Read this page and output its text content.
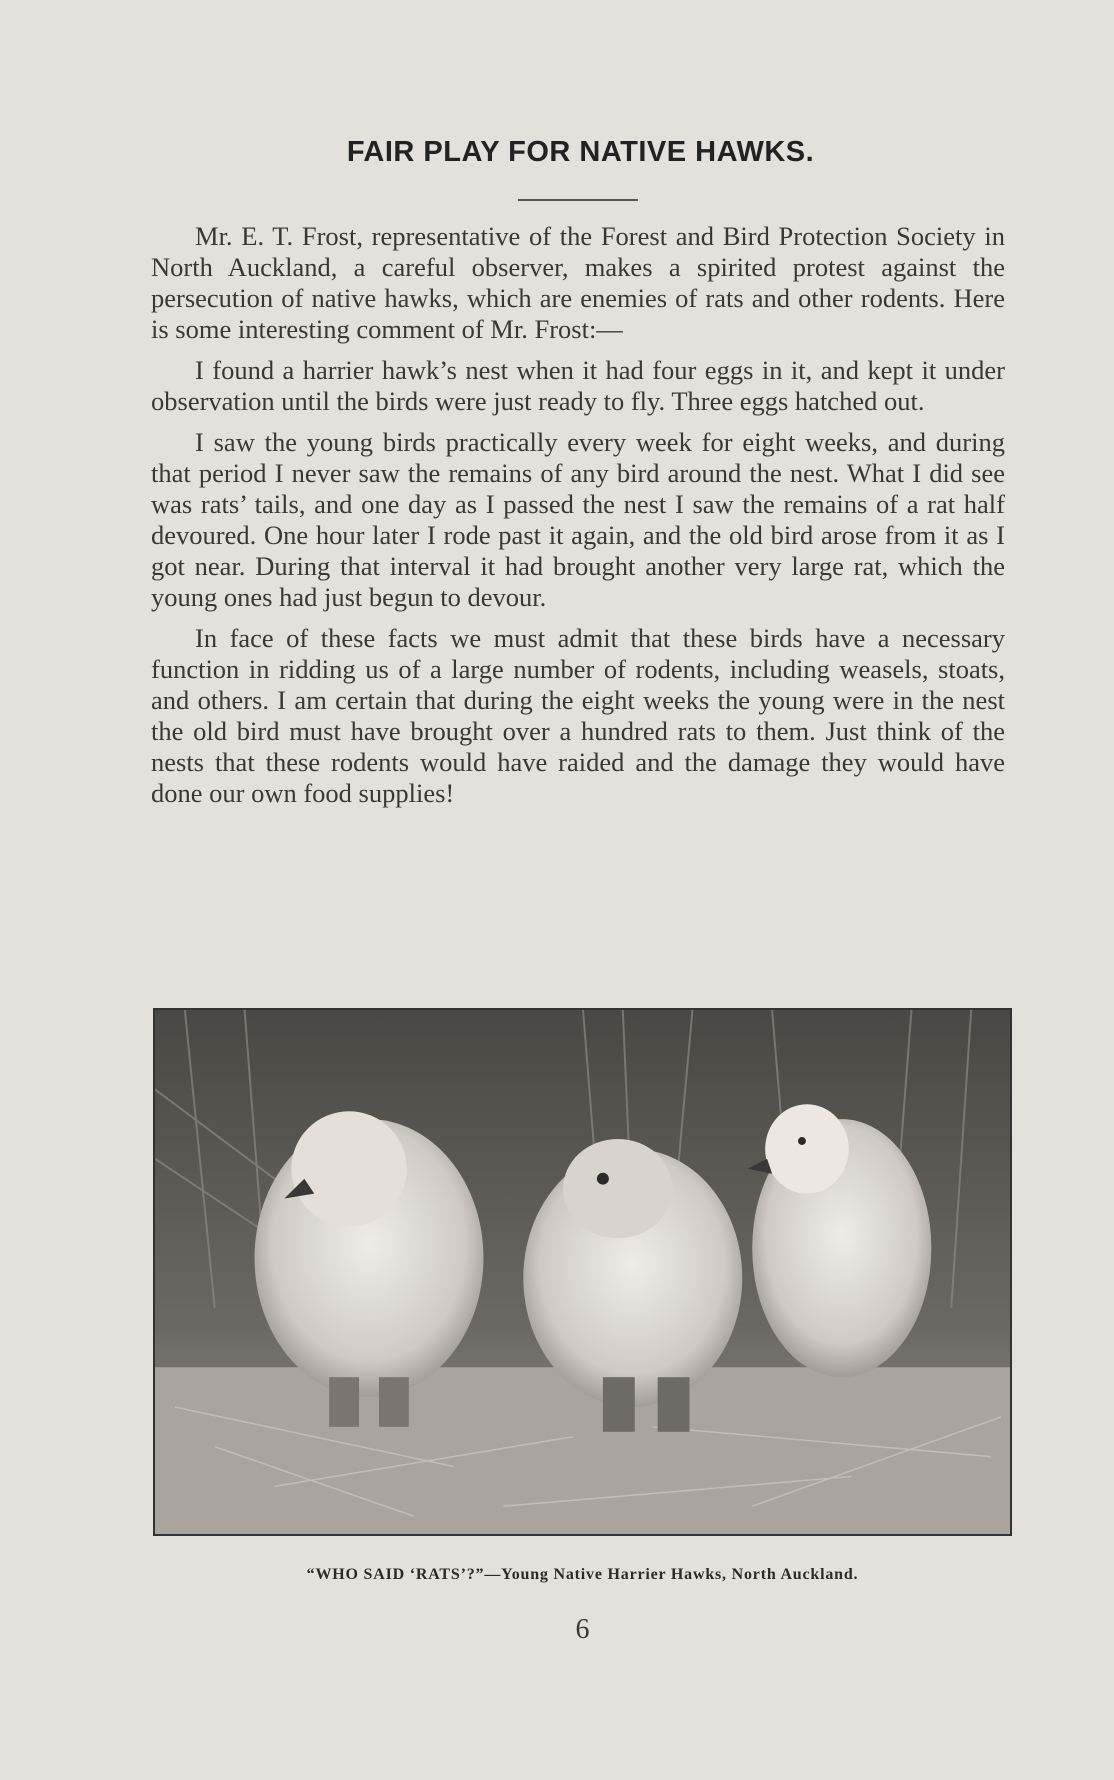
FAIR PLAY FOR NATIVE HAWKS.

Mr. E. T. Frost, representative of the Forest and Bird Protection Society in North Auckland, a careful observer, makes a spirited protest against the persecution of native hawks, which are enemies of rats and other rodents. Here is some interesting comment of Mr. Frost:—

I found a harrier hawk’s nest when it had four eggs in it, and kept it under observation until the birds were just ready to fly. Three eggs hatched out.

I saw the young birds practically every week for eight weeks, and during that period I never saw the remains of any bird around the nest. What I did see was rats’ tails, and one day as I passed the nest I saw the remains of a rat half devoured. One hour later I rode past it again, and the old bird arose from it as I got near. During that interval it had brought another very large rat, which the young ones had just begun to devour.

In face of these facts we must admit that these birds have a necessary function in ridding us of a large number of rodents, including weasels, stoats, and others. I am certain that during the eight weeks the young were in the nest the old bird must have brought over a hundred rats to them. Just think of the nests that these rodents would have raided and the damage they would have done our own food supplies!

“WHO SAID ‘RATS’?”—Young Native Harrier Hawks, North Auckland.
6
